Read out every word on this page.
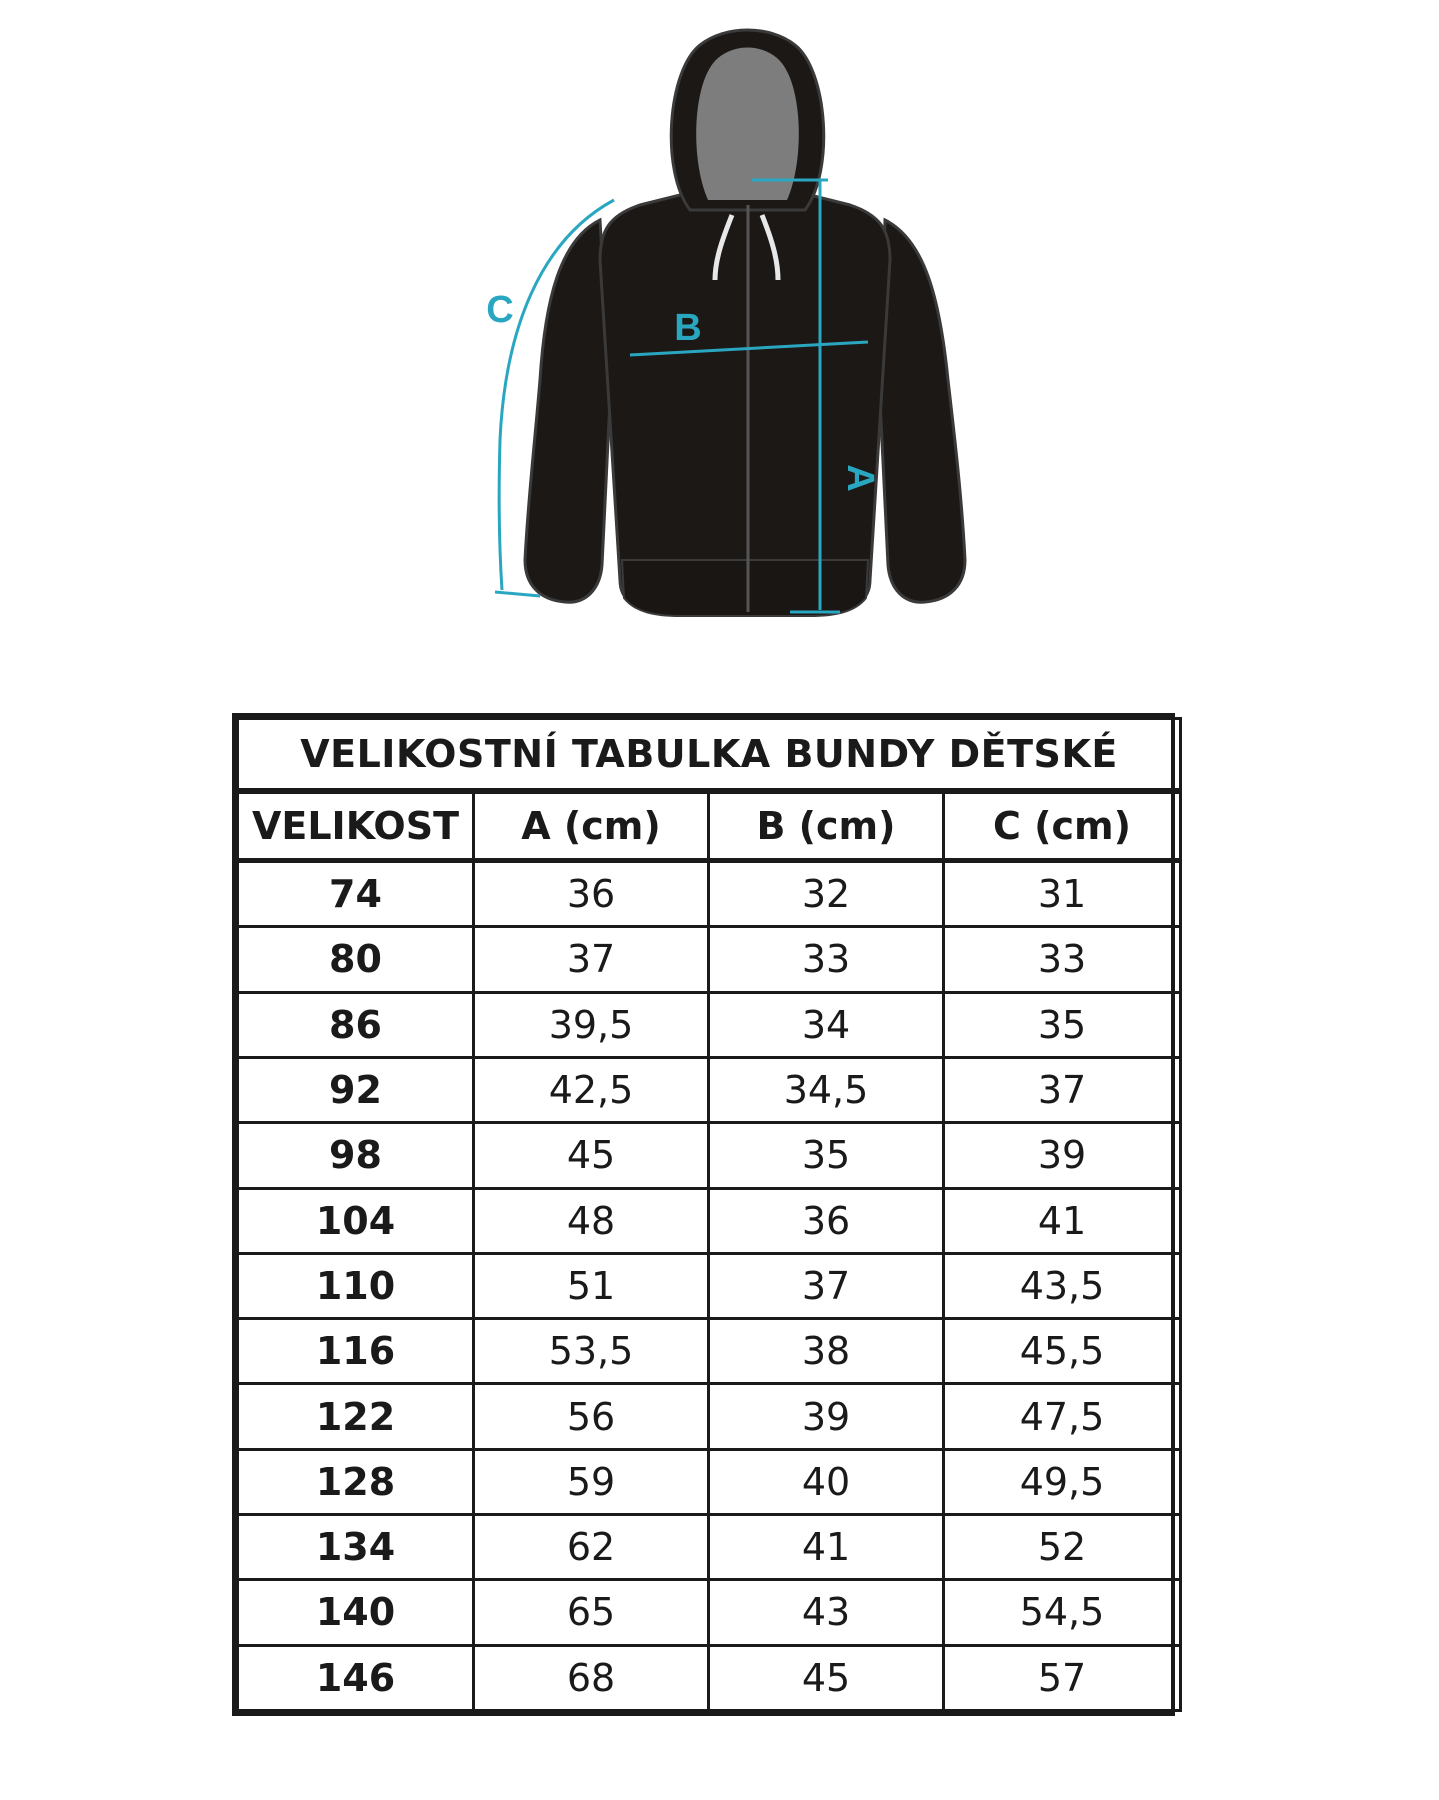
A
B
C
VELIKOSTNÍ TABULKA BUNDY DĚTSKÉ			
VELIKOST	A (cm)	B (cm)	C (cm)
74	36	32	31
80	37	33	33
86	39,5	34	35
92	42,5	34,5	37
98	45	35	39
104	48	36	41
110	51	37	43,5
116	53,5	38	45,5
122	56	39	47,5
128	59	40	49,5
134	62	41	52
140	65	43	54,5
146	68	45	57
